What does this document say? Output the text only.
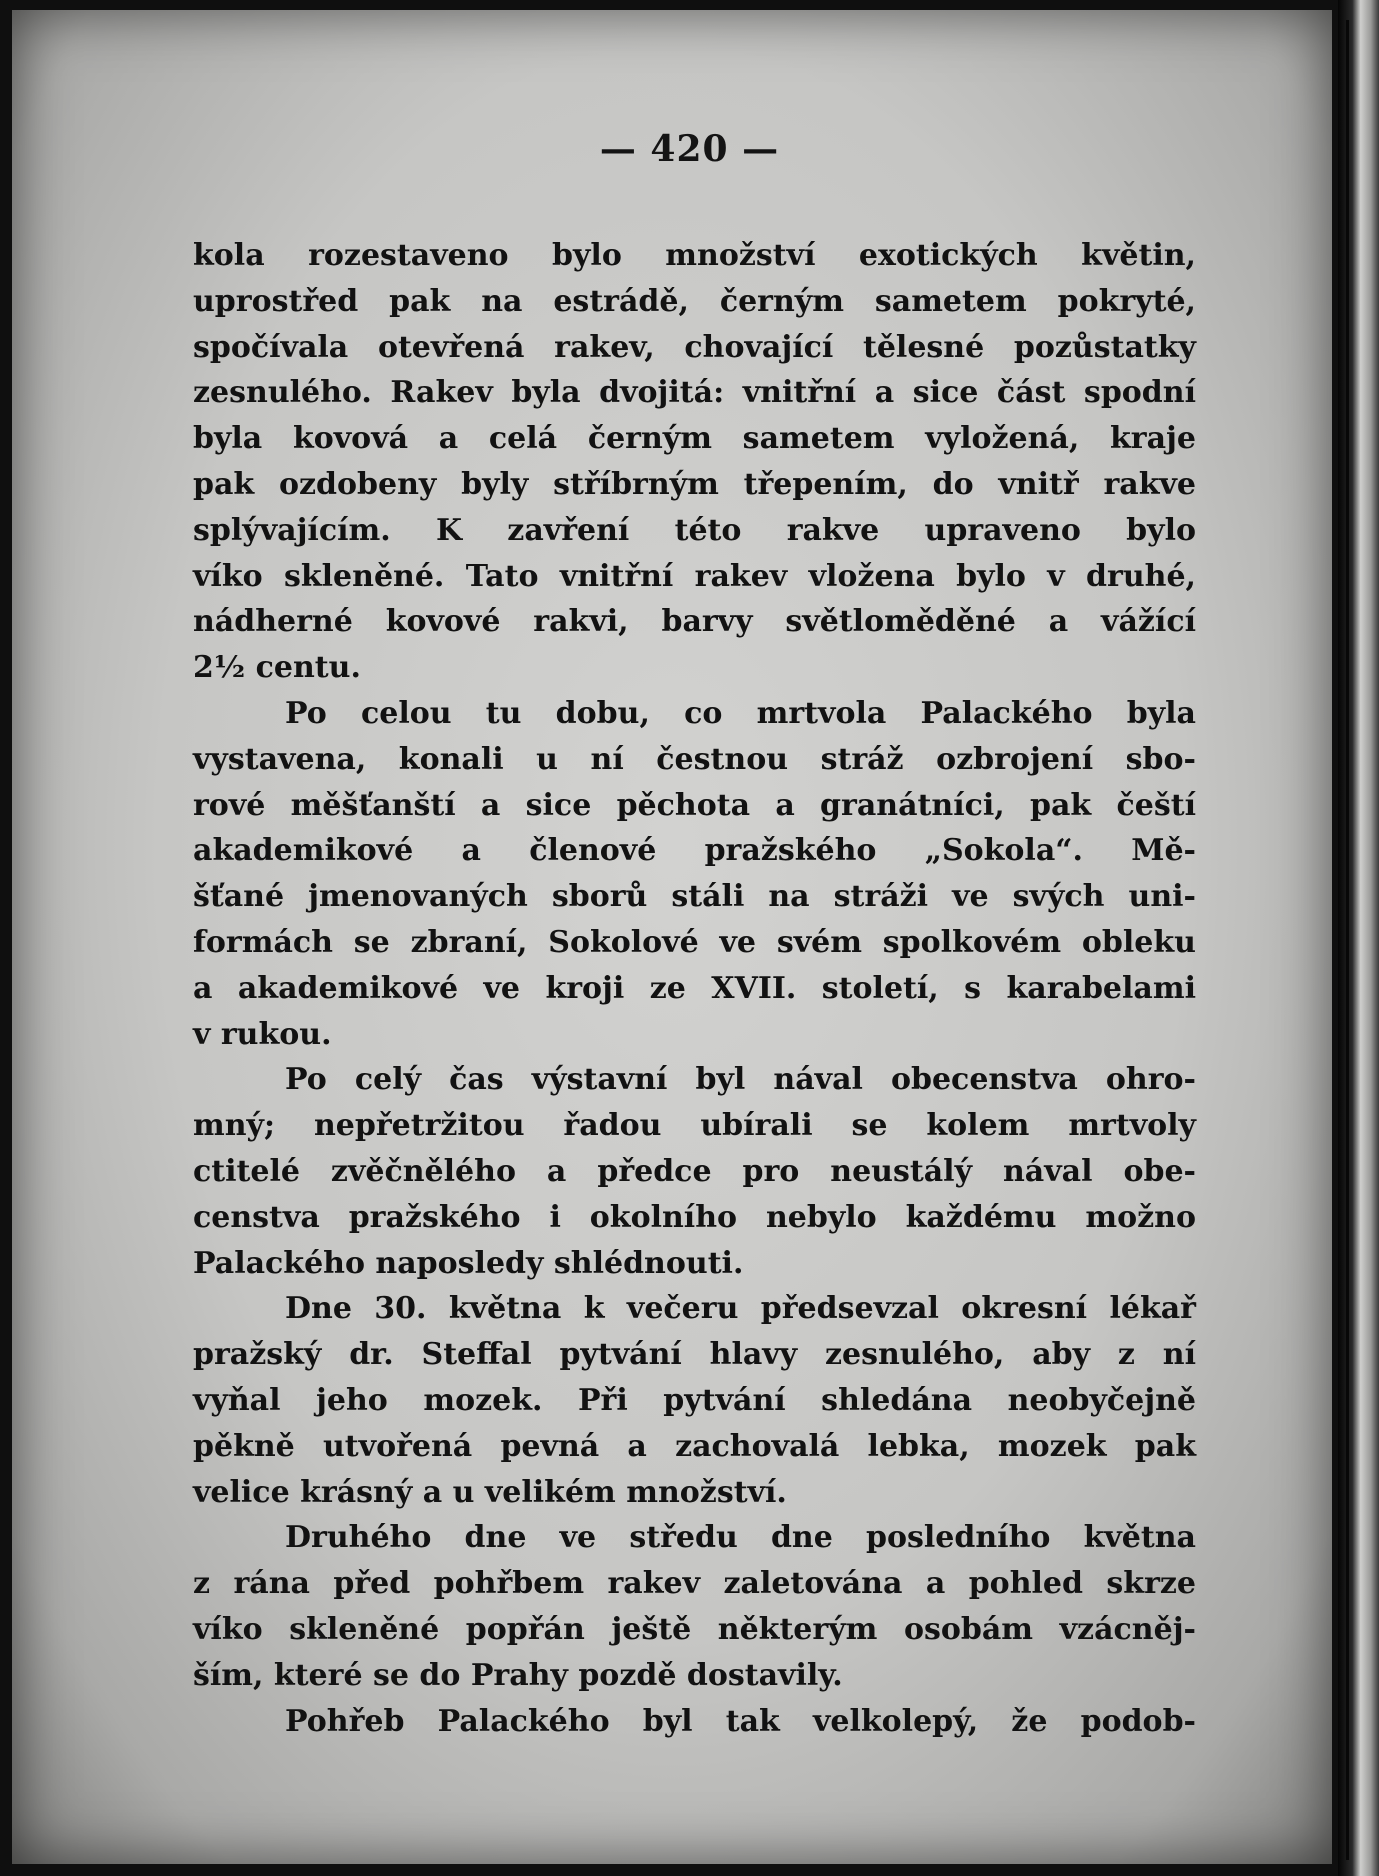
— 420 —
kola rozestaveno bylo množství exotických květin,
uprostřed pak na estrádě, černým sametem pokryté,
spočívala otevřená rakev, chovající tělesné pozůstatky
zesnulého. Rakev byla dvojitá: vnitřní a sice část spodní
byla kovová a celá černým sametem vyložená, kraje
pak ozdobeny byly stříbrným třepením, do vnitř rakve
splývajícím. K zavření této rakve upraveno bylo
víko skleněné. Tato vnitřní rakev vložena bylo v druhé,
nádherné kovové rakvi, barvy světloměděné a vážící
2½ centu.
Po celou tu dobu, co mrtvola Palackého byla
vystavena, konali u ní čestnou stráž ozbrojení sbo-
rové měšťanští a sice pěchota a granátníci, pak čeští
akademikové a členové pražského „Sokola“. Mě-
šťané jmenovaných sborů stáli na stráži ve svých uni-
formách se zbraní, Sokolové ve svém spolkovém obleku
a akademikové ve kroji ze XVII. století, s karabelami
v rukou.
Po celý čas výstavní byl nával obecenstva ohro-
mný; nepřetržitou řadou ubírali se kolem mrtvoly
ctitelé zvěčnělého a předce pro neustálý nával obe-
censtva pražského i okolního nebylo každému možno
Palackého naposledy shlédnouti.
Dne 30. května k večeru předsevzal okresní lékař
pražský dr. Steffal pytvání hlavy zesnulého, aby z ní
vyňal jeho mozek. Při pytvání shledána neobyčejně
pěkně utvořená pevná a zachovalá lebka, mozek pak
velice krásný a u velikém množství.
Druhého dne ve středu dne posledního května
z rána před pohřbem rakev zaletována a pohled skrze
víko skleněné popřán ještě některým osobám vzácněj-
ším, které se do Prahy pozdě dostavily.
Pohřeb Palackého byl tak velkolepý, že podob-
